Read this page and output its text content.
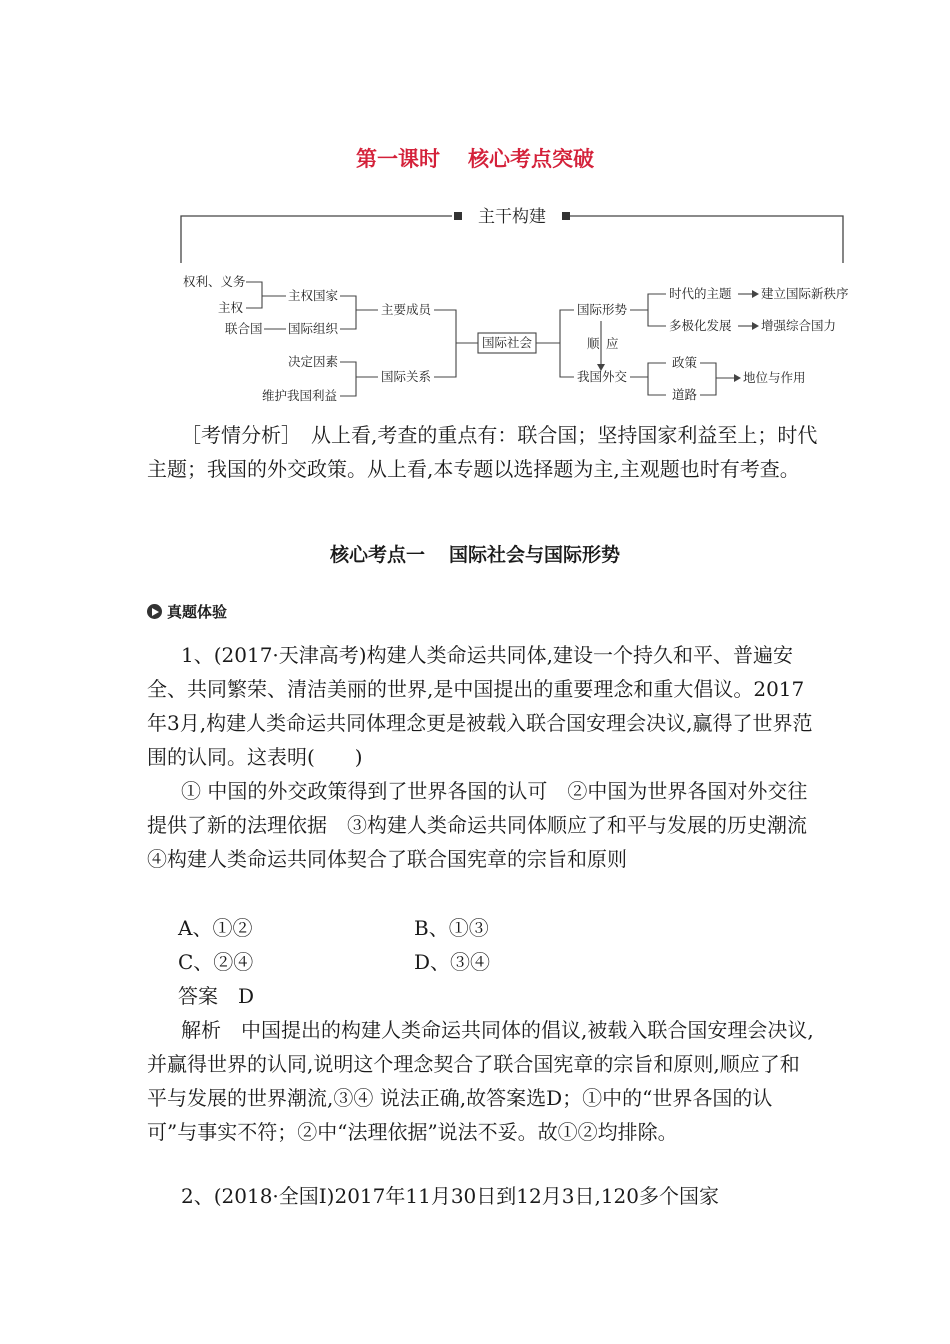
第一课时 核心考点突破
主干构建
权利、义务
主权
联合国
主权国家
国际组织
主要成员
决定因素
国际关系
维护我国利益
国际社会
国际形势
顺 应
我国外交
时代的主题 建立国际新秩序
多极化发展 增强综合国力
政策
道路
地位与作用

［考情分析］　从上看,考查的重点有：联合国；坚持国家利益至上；时代主题；我国的外交政策。从上看,本专题以选择题为主,主观题也时有考查。

核心考点一 国际社会与国际形势
真题体验

1、(2017·天津高考)构建人类命运共同体,建设一个持久和平、普遍安全、共同繁荣、清洁美丽的世界,是中国提出的重要理念和重大倡议。2017年3月,构建人类命运共同体理念更是被载入联合国安理会决议,赢得了世界范围的认同。这表明(　　)

① 中国的外交政策得到了世界各国的认可　②中国为世界各国对外交往提供了新的法理依据　③构建人类命运共同体顺应了和平与发展的历史潮流　④构建人类命运共同体契合了联合国宪章的宗旨和原则

A、①②	B、①③
C、②④	D、③④
答案　D

解析　中国提出的构建人类命运共同体的倡议,被载入联合国安理会决议,并赢得世界的认同,说明这个理念契合了联合国宪章的宗旨和原则,顺应了和平与发展的世界潮流,③④ 说法正确,故答案选D；①中的“世界各国的认可”与事实不符；②中“法理依据”说法不妥。故①②均排除。

2、(2018·全国Ⅰ)2017年11月30日到12月3日,120多个国家
